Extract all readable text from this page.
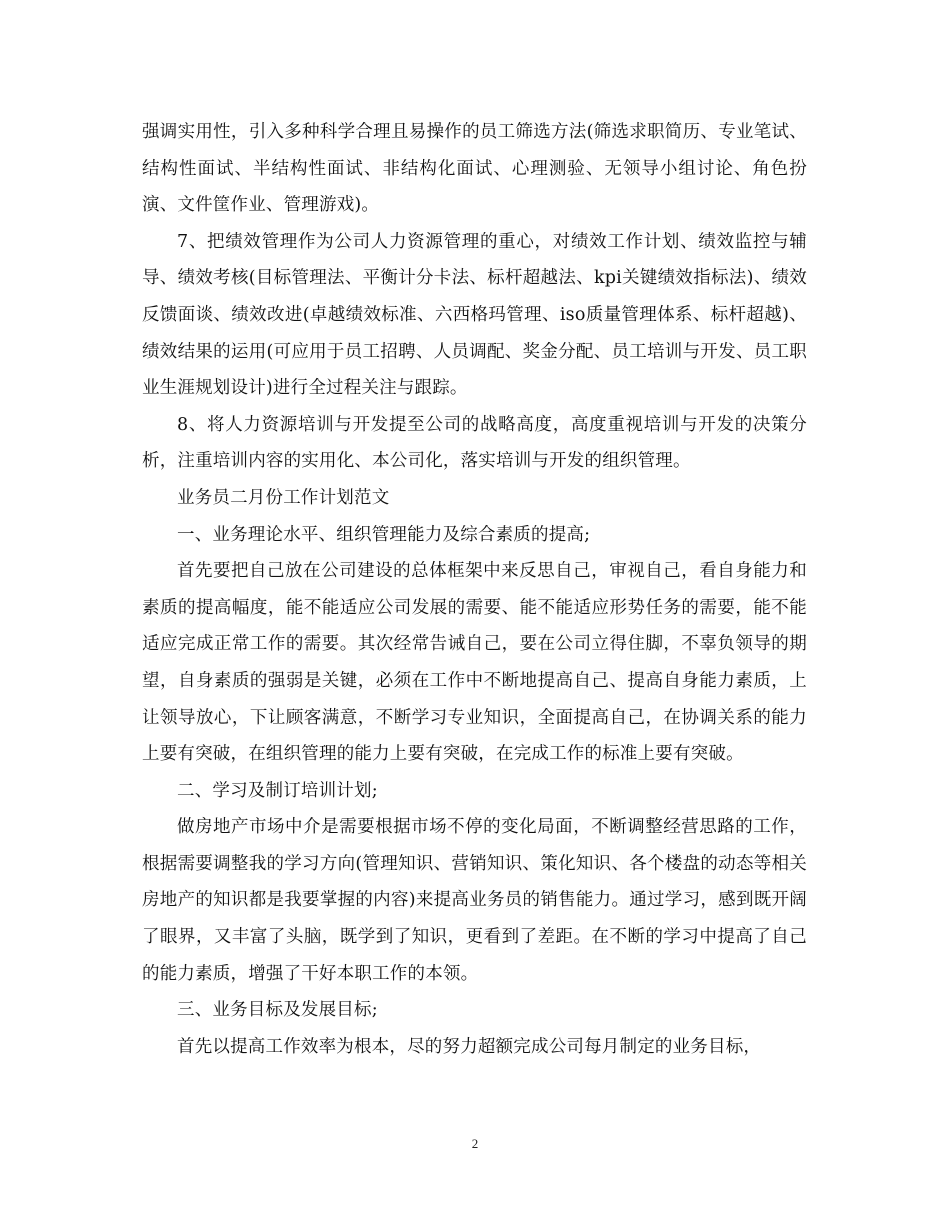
强调实用性，引入多种科学合理且易操作的员工筛选方法(筛选求职简历、专业笔试、结构性面试、半结构性面试、非结构化面试、心理测验、无领导小组讨论、角色扮演、文件筐作业、管理游戏)。

7、把绩效管理作为公司人力资源管理的重心，对绩效工作计划、绩效监控与辅导、绩效考核(目标管理法、平衡计分卡法、标杆超越法、kpi关键绩效指标法)、绩效反馈面谈、绩效改进(卓越绩效标准、六西格玛管理、iso质量管理体系、标杆超越)、绩效结果的运用(可应用于员工招聘、人员调配、奖金分配、员工培训与开发、员工职业生涯规划设计)进行全过程关注与跟踪。

8、将人力资源培训与开发提至公司的战略高度，高度重视培训与开发的决策分析，注重培训内容的实用化、本公司化，落实培训与开发的组织管理。

业务员二月份工作计划范文

一、业务理论水平、组织管理能力及综合素质的提高;

首先要把自己放在公司建设的总体框架中来反思自己，审视自己，看自身能力和素质的提高幅度，能不能适应公司发展的需要、能不能适应形势任务的需要，能不能适应完成正常工作的需要。其次经常告诫自己，要在公司立得住脚，不辜负领导的期望，自身素质的强弱是关键，必须在工作中不断地提高自己、提高自身能力素质，上让领导放心，下让顾客满意，不断学习专业知识，全面提高自己，在协调关系的能力上要有突破，在组织管理的能力上要有突破，在完成工作的标准上要有突破。

二、学习及制订培训计划;

做房地产市场中介是需要根据市场不停的变化局面，不断调整经营思路的工作，根据需要调整我的学习方向(管理知识、营销知识、策化知识、各个楼盘的动态等相关房地产的知识都是我要掌握的内容)来提高业务员的销售能力。通过学习，感到既开阔了眼界，又丰富了头脑，既学到了知识，更看到了差距。在不断的学习中提高了自己的能力素质，增强了干好本职工作的本领。

三、业务目标及发展目标;

首先以提高工作效率为根本，尽的努力超额完成公司每月制定的业务目标，

2
